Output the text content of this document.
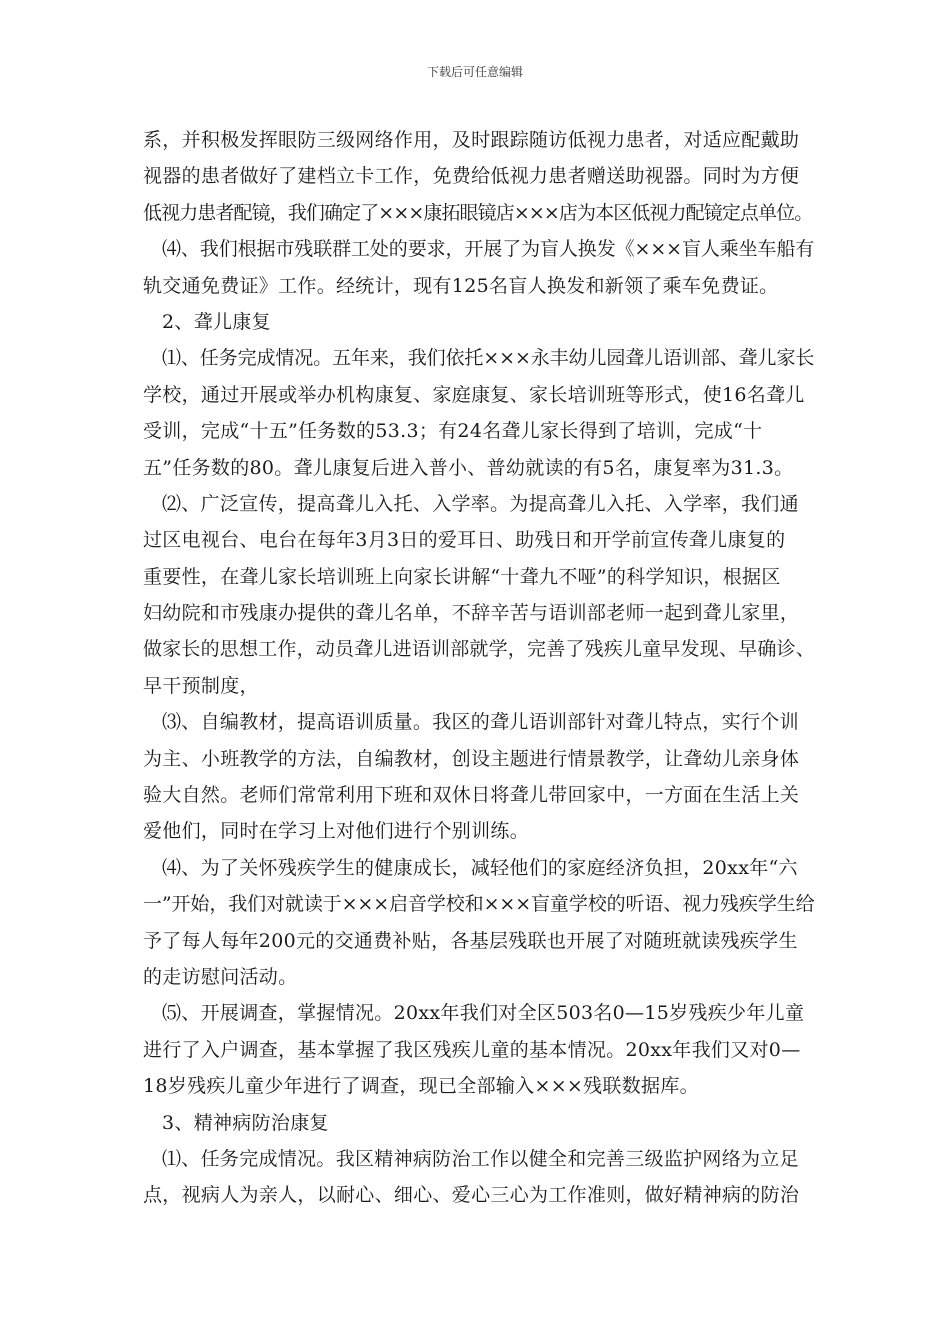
下载后可任意编辑
系，并积极发挥眼防三级网络作用，及时跟踪随访低视力患者，对适应配戴助
视器的患者做好了建档立卡工作，免费给低视力患者赠送助视器。同时为方便
低视力患者配镜，我们确定了×××康拓眼镜店×××店为本区低视力配镜定点单位。
⑷、我们根据市残联群工处的要求，开展了为盲人换发《×××盲人乘坐车船有
轨交通免费证》工作。经统计，现有125名盲人换发和新领了乘车免费证。
2、聋儿康复
⑴、任务完成情况。五年来，我们依托×××永丰幼儿园聋儿语训部、聋儿家长
学校，通过开展或举办机构康复、家庭康复、家长培训班等形式，使16名聋儿
受训，完成“十五”任务数的53.3；有24名聋儿家长得到了培训，完成“十
五”任务数的80。聋儿康复后进入普小、普幼就读的有5名，康复率为31.3。
⑵、广泛宣传，提高聋儿入托、入学率。为提高聋儿入托、入学率，我们通
过区电视台、电台在每年3月3日的爱耳日、助残日和开学前宣传聋儿康复的
重要性，在聋儿家长培训班上向家长讲解“十聋九不哑”的科学知识，根据区
妇幼院和市残康办提供的聋儿名单，不辞辛苦与语训部老师一起到聋儿家里，
做家长的思想工作，动员聋儿进语训部就学，完善了残疾儿童早发现、早确诊、
早干预制度，
⑶、自编教材，提高语训质量。我区的聋儿语训部针对聋儿特点，实行个训
为主、小班教学的方法，自编教材，创设主题进行情景教学，让聋幼儿亲身体
验大自然。老师们常常利用下班和双休日将聋儿带回家中，一方面在生活上关
爱他们，同时在学习上对他们进行个别训练。
⑷、为了关怀残疾学生的健康成长，减轻他们的家庭经济负担，20xx年“六
一”开始，我们对就读于×××启音学校和×××盲童学校的听语、视力残疾学生给
予了每人每年200元的交通费补贴，各基层残联也开展了对随班就读残疾学生
的走访慰问活动。
⑸、开展调查，掌握情况。20xx年我们对全区503名0—15岁残疾少年儿童
进行了入户调查，基本掌握了我区残疾儿童的基本情况。20xx年我们又对0—
18岁残疾儿童少年进行了调查，现已全部输入×××残联数据库。
3、精神病防治康复
⑴、任务完成情况。我区精神病防治工作以健全和完善三级监护网络为立足
点，视病人为亲人，以耐心、细心、爱心三心为工作准则，做好精神病的防治
